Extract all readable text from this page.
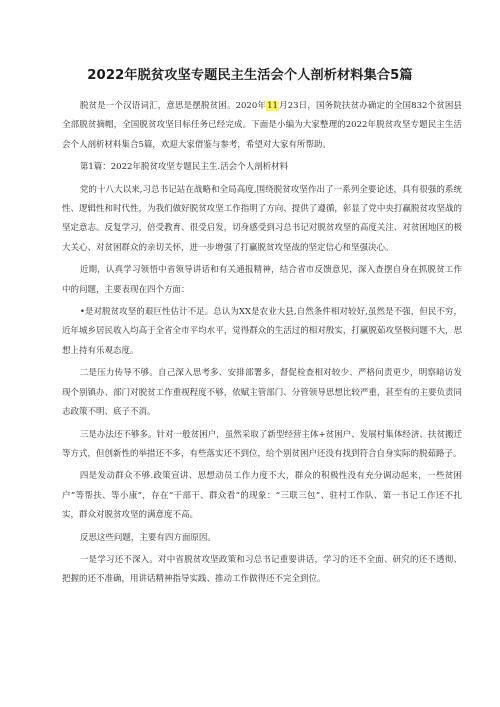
2022年脱贫攻坚专题民主生活会个人剖析材料集合5篇

脱贫是一个汉语词汇，意思是摆脱贫困。2020年11月23日，国务院扶贫办确定的全国832个贫困县全部脱贫摘帽，全国脱贫攻坚目标任务已经完成。下面是小编为大家整理的2022年脱贫攻坚专题民主生活会个人剖析材料集合5篇，欢迎大家借鉴与参考，希望对大家有所帮助。

第1篇：2022年脱贫攻坚专题民主生.活会个人剖析材料

党的十八大以来,习总书记站在战略和全局高度,围绕脱贫攻坚作出了一系列全要论述，具有很强的系统性、逻辑性和时代性，为我们做好脱贫攻坚工作指明了方向、提供了遵循，彰显了党中央打赢脱贫攻坚战的坚定意志。反复学习，倍受教育、很受启发，切身感受到习总书记对脱贫攻坚的高度关注、对贫困地区的极大关心、对贫困群众的亲切关怀，进一步增强了打赢脱贫攻坚战的坚定信心和坚强决心。

近期，认真学习领悟中省领导讲话和有关通报精神，结合省市反馈意见，深入查摆自身在抓脱贫工作中的问题，主要表现在四个方面：

•是对脱贫攻坚的艰巨性估计不足。总认为XX是农业大县,自然条件相对较好,虽然是不强，但民不穷，近年城乡居民收入均高于全省全市平均水平，觉得群众的生活过的相对殷实，打赢脱茹攻坚极问题不大，思想上持有乐观态度。

二是压力传导不够。自己深入思考多、安排部署多，督促检查相对较少、严格问责更少，明察暗访发现个别镇办、部门对脱贫工作重视程度不够，依赋主管部门、分管领导思想比较严重，甚至有的主要负责同志政策不明、底子不消。

三是办法还不够多。针对一般贫困户，虽然采取了新型经营主体+贫困户、发展村集体经济、扶贫搬迁等方式，但创新性的举措还不多，有些落实还不到位，给个别贫困户还没有找到符合自身实际的脱茹路子。

四是发动群众不够.政策宣讲、思想动员工作力度不大，群众的积极性没有充分调动起来，一些贫困户”等帮扶、等小康”，存在“干部干、群众看”的现象：“三联三包”、驻村工作队、第一书记工作还不扎实，群众对脱贫攻坚的满意度不高。

反思这些问题，主要有四方面原因。

一是学习还不深入。对中省脱贫攻坚政策和习总书记重要讲话，学习的还不全面、研究的还不透彻、把握的还不准确，用讲话精神指导实践、推动工作做得还不完全到位。
